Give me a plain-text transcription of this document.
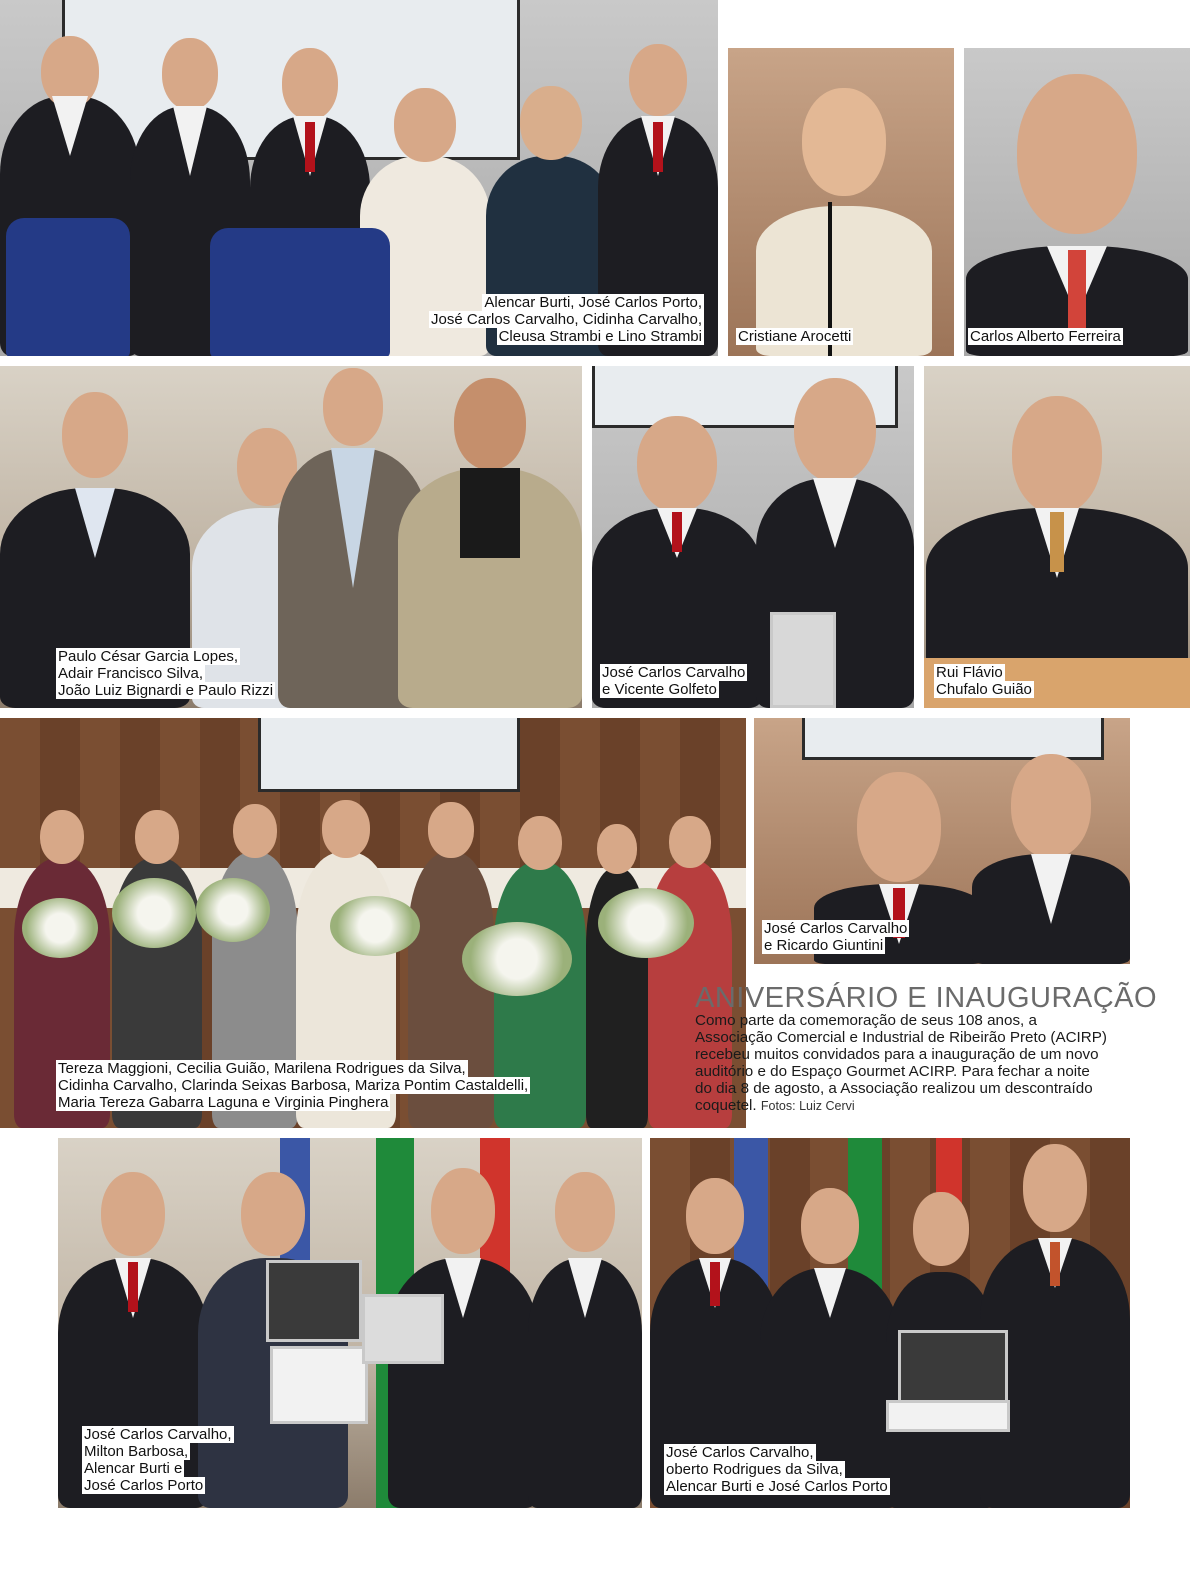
Alencar Burti, José Carlos Porto,
José Carlos Carvalho, Cidinha Carvalho,
Cleusa Strambi e Lino Strambi Cristiane Arocetti	Carlos Alberto Ferreira
Paulo César Garcia Lopes,
Adair Francisco Silva,
João Luiz Bignardi e Paulo Rizzi
José Carlos Carvalho
e Vicente Golfeto
Rui Flávio
Chufalo Guião
Tereza Maggioni, Cecilia Guião, Marilena Rodrigues da Silva,
Cidinha Carvalho, Clarinda Seixas Barbosa, Mariza Pontim Castaldelli,
Maria Tereza Gabarra Laguna e Virginia Pinghera
José Carlos Carvalho
e Ricardo Giuntini
ANIVERSÁRIO E INAUGURAÇÃO
Como parte da comemoração de seus 108 anos, a Associação Comercial e Industrial de Ribeirão Preto (ACIRP) recebeu muitos convidados para a inauguração de um novo auditório e do Espaço Gourmet ACIRP. Para fechar a noite do dia 8 de agosto, a Associação realizou um descontraído coquetel. Fotos: Luiz Cervi
José Carlos Carvalho,
Milton Barbosa,
Alencar Burti e
José Carlos Porto
José Carlos Carvalho,
oberto Rodrigues da Silva,
Alencar Burti e José Carlos Porto
